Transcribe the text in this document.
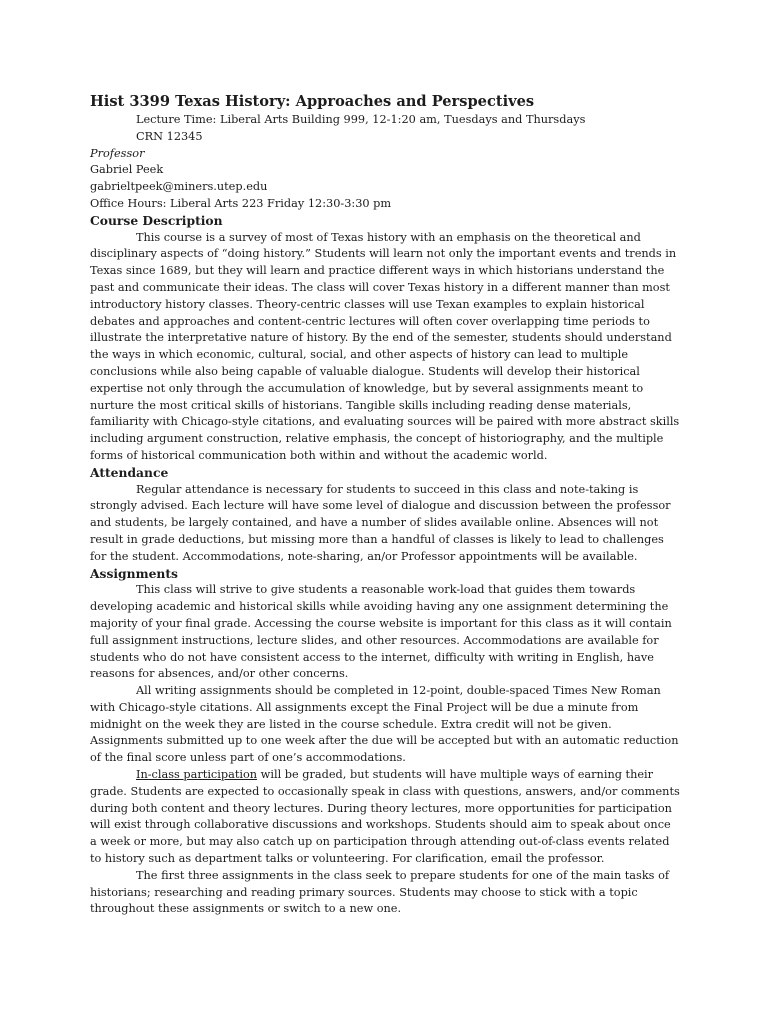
Hist 3399 Texas History: Approaches and Perspectives

Lecture Time: Liberal Arts Building 999, 12-1:20 am, Tuesdays and Thursdays

CRN 12345

Professor

Gabriel Peek

gabrieltpeek@miners.utep.edu

Office Hours: Liberal Arts 223 Friday 12:30-3:30 pm

Course Description

This course is a survey of most of Texas history with an emphasis on the theoretical and disciplinary aspects of “doing history.” Students will learn not only the important events and trends in Texas since 1689, but they will learn and practice different ways in which historians understand the past and communicate their ideas. The class will cover Texas history in a different manner than most introductory history classes. Theory-centric classes will use Texan examples to explain historical debates and approaches and content-centric lectures will often cover overlapping time periods to illustrate the interpretative nature of history. By the end of the semester, students should understand the ways in which economic, cultural, social, and other aspects of history can lead to multiple conclusions while also being capable of valuable dialogue. Students will develop their historical expertise not only through the accumulation of knowledge, but by several assignments meant to nurture the most critical skills of historians. Tangible skills including reading dense materials, familiarity with Chicago-style citations, and evaluating sources will be paired with more abstract skills including argument construction, relative emphasis, the concept of historiography, and the multiple forms of historical communication both within and without the academic world.

Attendance

Regular attendance is necessary for students to succeed in this class and note-taking is strongly advised. Each lecture will have some level of dialogue and discussion between the professor and students, be largely contained, and have a number of slides available online. Absences will not result in grade deductions, but missing more than a handful of classes is likely to lead to challenges for the student. Accommodations, note-sharing, an/or Professor appointments will be available.

Assignments

This class will strive to give students a reasonable work-load that guides them towards developing academic and historical skills while avoiding having any one assignment determining the majority of your final grade. Accessing the course website is important for this class as it will contain full assignment instructions, lecture slides, and other resources. Accommodations are available for students who do not have consistent access to the internet, difficulty with writing in English, have reasons for absences, and/or other concerns.

All writing assignments should be completed in 12-point, double-spaced Times New Roman with Chicago-style citations. All assignments except the Final Project will be due a minute from midnight on the week they are listed in the course schedule. Extra credit will not be given. Assignments submitted up to one week after the due will be accepted but with an automatic reduction of the final score unless part of one’s accommodations.

In-class participation will be graded, but students will have multiple ways of earning their grade. Students are expected to occasionally speak in class with questions, answers, and/or comments during both content and theory lectures. During theory lectures, more opportunities for participation will exist through collaborative discussions and workshops. Students should aim to speak about once a week or more, but may also catch up on participation through attending out-of-class events related to history such as department talks or volunteering. For clarification, email the professor.

The first three assignments in the class seek to prepare students for one of the main tasks of historians; researching and reading primary sources. Students may choose to stick with a topic throughout these assignments or switch to a new one.
